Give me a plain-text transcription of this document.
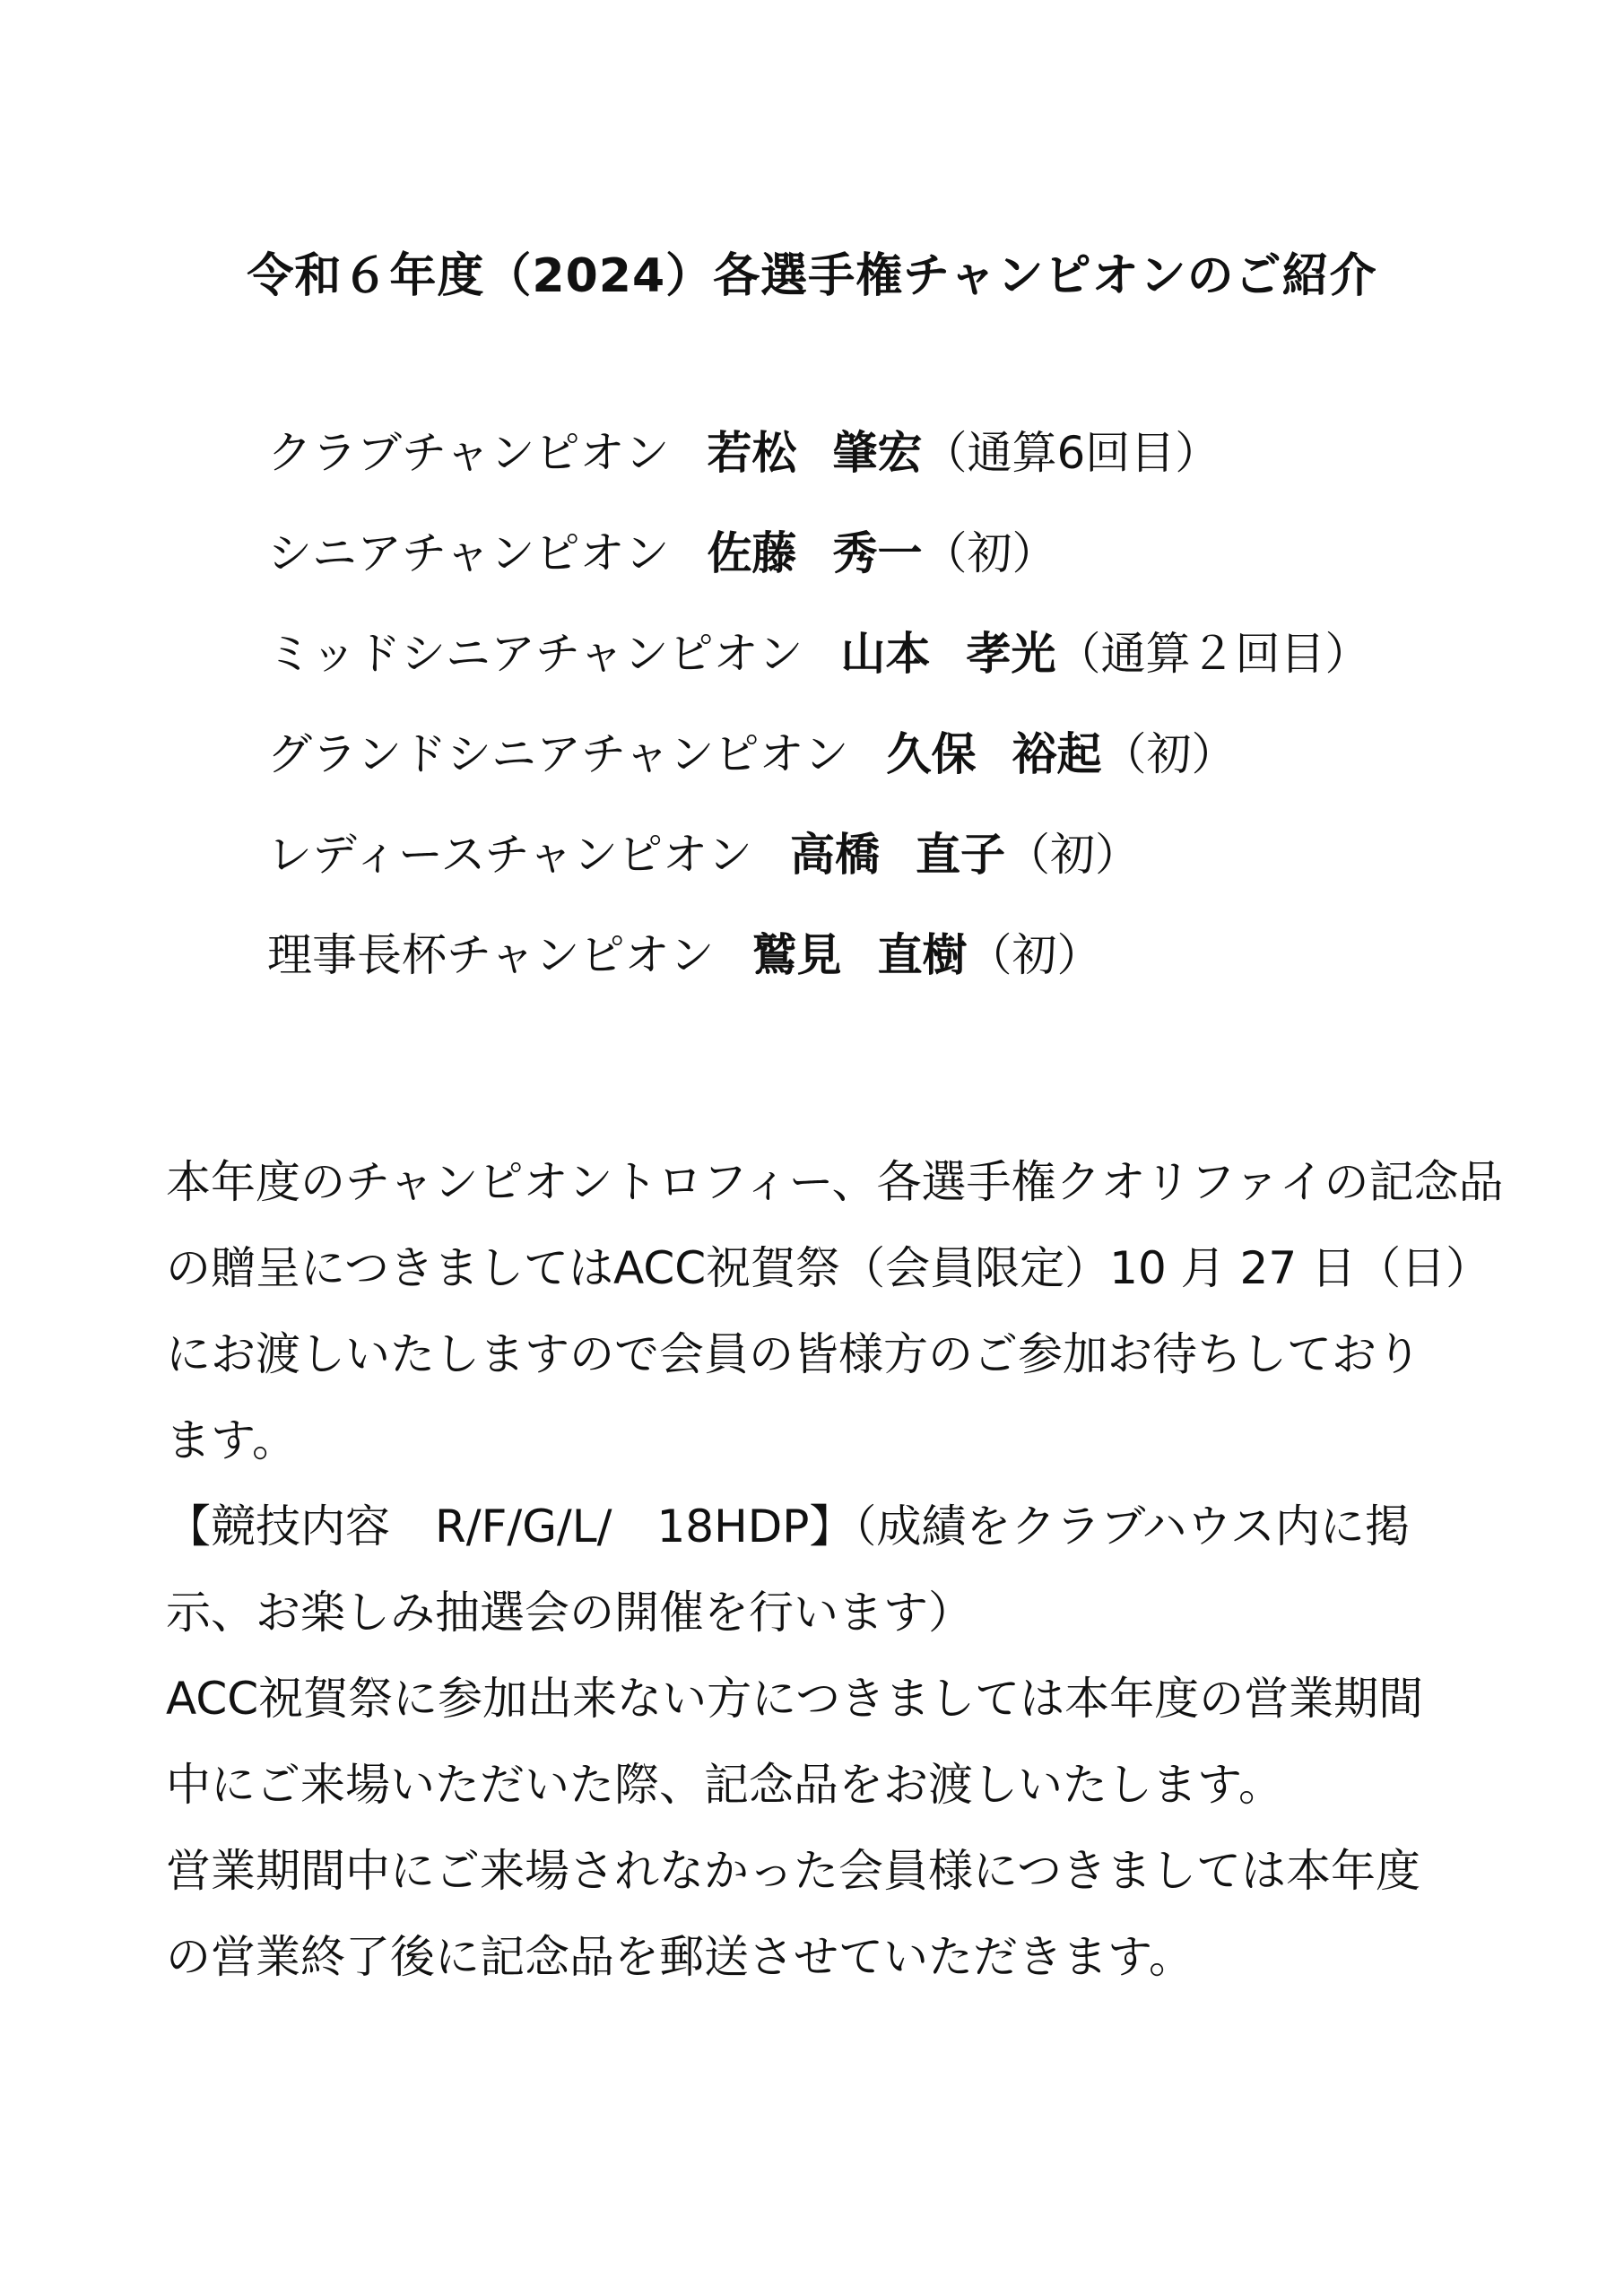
令和６年度（2024）各選手権チャンピオンのご紹介
クラブチャンピオン 若松 肇宏（通算6回目）
シニアチャンピオン 佐藤 秀一（初）
ミッドシニアチャンピオン 山本 孝光（通算２回目）
グランドシニアチャンピオン 久保 裕起（初）
レディースチャンピオン 高橋 直子（初）
理事長杯チャンピオン 鷲見 直樹（初）
本年度のチャンピオントロフィー、各選手権クオリファイの記念品
の贈呈につきましてはACC祝賀祭（会員限定）10 月 27 日（日）
にお渡しいたしますので会員の皆様方のご参加お待ちしており
ます。
【競技内容　R/F/G/L/　18HDP】（成績をクラブハウス内に掲
示、お楽しみ抽選会の開催を行います）
ACC祝賀祭に参加出来ない方につきましては本年度の営業期間
中にご来場いただいた際、記念品をお渡しいたします。
営業期間中にご来場されなかった会員様につきましては本年度
の営業終了後に記念品を郵送させていただきます。
